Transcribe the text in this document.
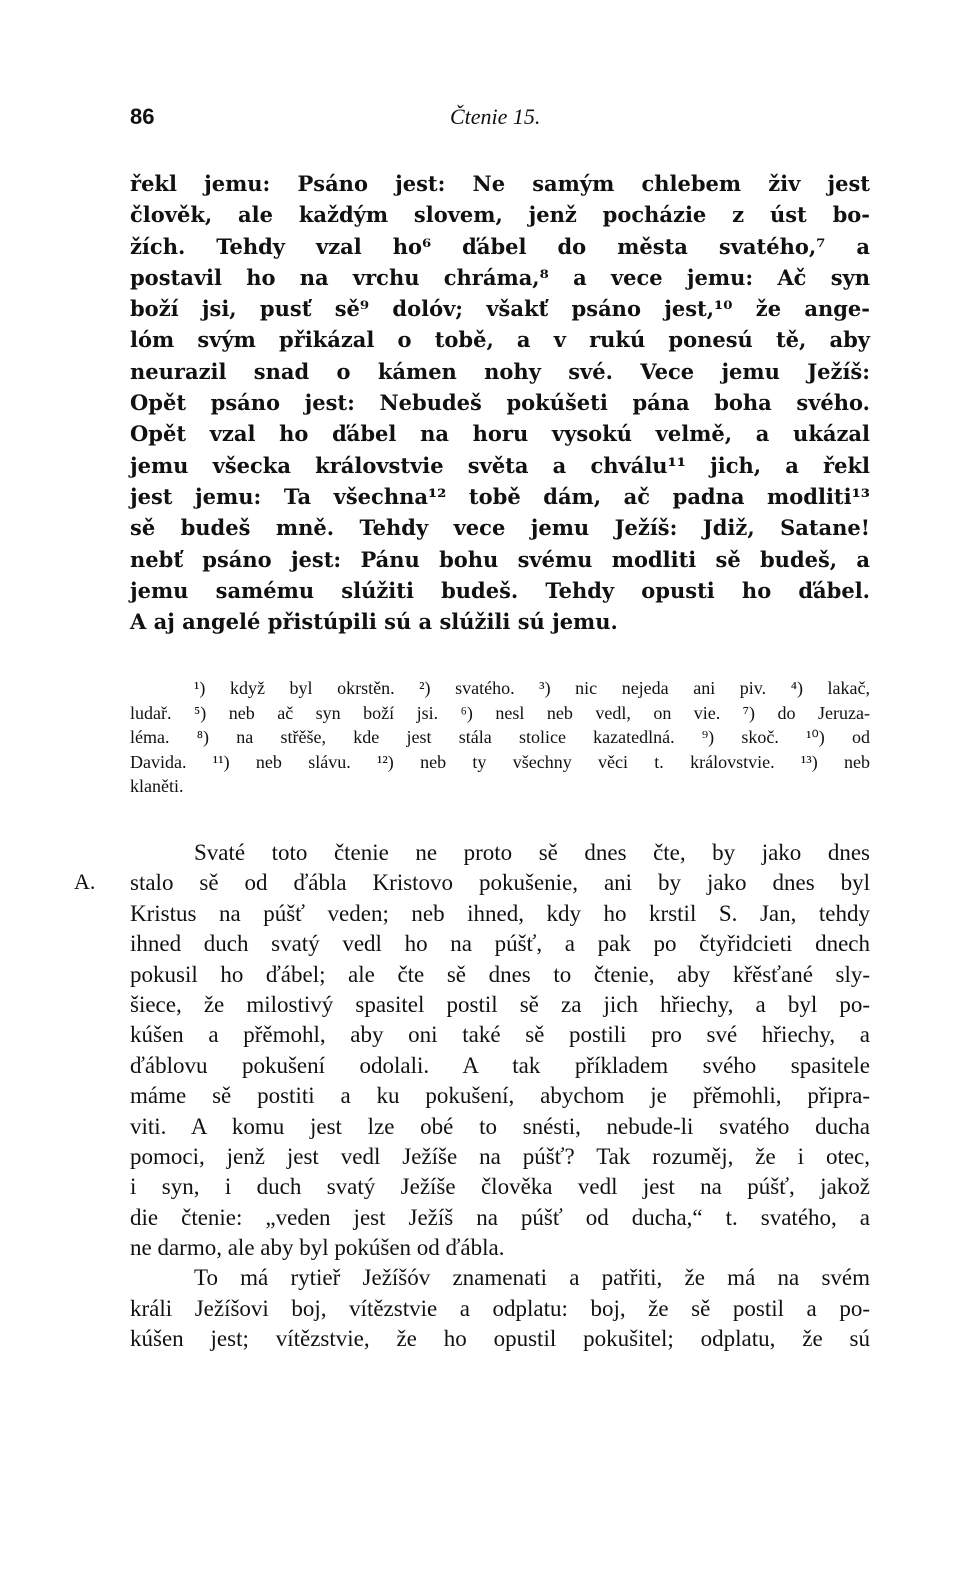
86	Čtenie 15.
řekl jemu: Psáno jest: Ne samým chlebem živ jest
člověk, ale každým slovem, jenž pocházie z úst bo-
žích. Tehdy vzal ho⁶ ďábel do města svatého,⁷ a
postavil ho na vrchu chráma,⁸ a vece jemu: Ač syn
boží jsi, pusť sě⁹ dolóv; všakť psáno jest,¹⁰ že ange-
lóm svým přikázal o tobě, a v rukú ponesú tě, aby
neurazil snad o kámen nohy své. Vece jemu Ježíš:
Opět psáno jest: Nebudeš pokúšeti pána boha svého.
Opět vzal ho ďábel na horu vysokú velmě, a ukázal
jemu všecka královstvie světa a chválu¹¹ jich, a řekl
jest jemu: Ta všechna¹² tobě dám, ač padna modliti¹³
sě budeš mně. Tehdy vece jemu Ježíš: Jdiž, Satane!
nebť psáno jest: Pánu bohu svému modliti sě budeš, a
jemu samému slúžiti budeš. Tehdy opusti ho ďábel.
A aj angelé přistúpili sú a slúžili sú jemu.
¹) když byl okrstěn. ²) svatého. ³) nic nejeda ani piv. ⁴) lakač,
ludař. ⁵) neb ač syn boží jsi. ⁶) nesl neb vedl, on vie. ⁷) do Jeruza-
léma. ⁸) na střěše, kde jest stála stolice kazatedlná. ⁹) skoč. ¹⁰) od
Davida. ¹¹) neb slávu. ¹²) neb ty všechny věci t. královstvie. ¹³) neb
klaněti.
A.
Svaté toto čtenie ne proto sě dnes čte, by jako dnes
stalo sě od ďábla Kristovo pokušenie, ani by jako dnes byl
Kristus na púšť veden; neb ihned, kdy ho krstil S. Jan, tehdy
ihned duch svatý vedl ho na púšť, a pak po čtyřidcieti dnech
pokusil ho ďábel; ale čte sě dnes to čtenie, aby křěsťané sly-
šiece, že milostivý spasitel postil sě za jich hřiechy, a byl po-
kúšen a přěmohl, aby oni také sě postili pro své hřiechy, a
ďáblovu pokušení odolali. A tak příkladem svého spasitele
máme sě postiti a ku pokušení, abychom je přěmohli, připra-
viti. A komu jest lze obé to snésti, nebude-li svatého ducha
pomoci, jenž jest vedl Ježíše na púšť? Tak rozuměj, že i otec,
i syn, i duch svatý Ježíše člověka vedl jest na púšť, jakož
die čtenie: „veden jest Ježíš na púšť od ducha,“ t. svatého, a
ne darmo, ale aby byl pokúšen od ďábla.
To má rytieř Ježíšóv znamenati a patřiti, že má na svém
králi Ježíšovi boj, vítězstvie a odplatu: boj, že sě postil a po-
kúšen jest; vítězstvie, že ho opustil pokušitel; odplatu, že sú
